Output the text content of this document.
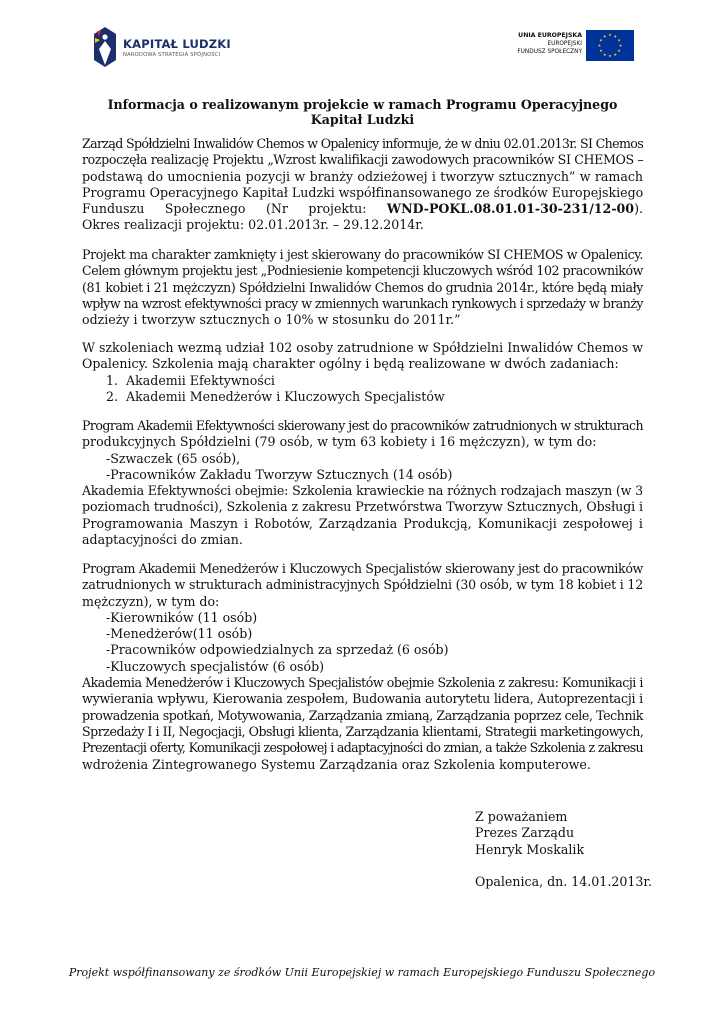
KAPITAŁ LUDZKI
NARODOWA STRATEGIA SPÓJNOŚCI
UNIA EUROPEJSKA
EUROPEJSKI
FUNDUSZ SPOŁECZNY
Informacja o realizowanym projekcie w ramach Programu Operacyjnego Kapitał Ludzki
Zarząd Spółdzielni Inwalidów Chemos w Opalenicy informuje, że w dniu 02.01.2013r. SI Chemos
rozpoczęła realizację Projektu „Wzrost kwalifikacji zawodowych pracowników SI CHEMOS –
podstawą do umocnienia pozycji w branży odzieżowej i tworzyw sztucznych” w ramach
Programu Operacyjnego Kapitał Ludzki współfinansowanego ze środków Europejskiego
Funduszu Społecznego (Nr projektu: WND-POKL.08.01.01-30-231/12-00).
Okres realizacji projektu: 02.01.2013r. – 29.12.2014r.
Projekt ma charakter zamknięty i jest skierowany do pracowników SI CHEMOS w Opalenicy.
Celem głównym projektu jest „Podniesienie kompetencji kluczowych wśród 102 pracowników
(81 kobiet i 21 mężczyzn) Spółdzielni Inwalidów Chemos do grudnia 2014r., które będą miały
wpływ na wzrost efektywności pracy w zmiennych warunkach rynkowych i sprzedaży w branży
odzieży i tworzyw sztucznych o 10% w stosunku do 2011r.”
W szkoleniach wezmą udział 102 osoby zatrudnione w Spółdzielni Inwalidów Chemos w
Opalenicy. Szkolenia mają charakter ogólny i będą realizowane w dwóch zadaniach:
1.  Akademii Efektywności
2.  Akademii Menedżerów i Kluczowych Specjalistów
Program Akademii Efektywności skierowany jest do pracowników zatrudnionych w strukturach
produkcyjnych Spółdzielni (79 osób, w tym 63 kobiety i 16 mężczyzn), w tym do:
-Szwaczek (65 osób),
-Pracowników Zakładu Tworzyw Sztucznych (14 osób)
Akademia Efektywności obejmie: Szkolenia krawieckie na różnych rodzajach maszyn (w 3
poziomach trudności), Szkolenia z zakresu Przetwórstwa Tworzyw Sztucznych, Obsługi i
Programowania Maszyn i Robotów, Zarządzania Produkcją, Komunikacji zespołowej i
adaptacyjności do zmian.
Program Akademii Menedżerów i Kluczowych Specjalistów skierowany jest do pracowników
zatrudnionych w strukturach administracyjnych Spółdzielni (30 osób, w tym 18 kobiet i 12
mężczyzn), w tym do:
-Kierowników (11 osób)
-Menedżerów(11 osób)
-Pracowników odpowiedzialnych za sprzedaż (6 osób)
-Kluczowych specjalistów (6 osób)
Akademia Menedżerów i Kluczowych Specjalistów obejmie Szkolenia z zakresu: Komunikacji i
wywierania wpływu, Kierowania zespołem, Budowania autorytetu lidera, Autoprezentacji i
prowadzenia spotkań, Motywowania, Zarządzania zmianą, Zarządzania poprzez cele, Technik
Sprzedaży I i II, Negocjacji, Obsługi klienta, Zarządzania klientami, Strategii marketingowych,
Prezentacji oferty, Komunikacji zespołowej i adaptacyjności do zmian, a także Szkolenia z zakresu
wdrożenia Zintegrowanego Systemu Zarządzania oraz Szkolenia komputerowe.
Z poważaniem
Prezes Zarządu
Henryk Moskalik
Opalenica, dn. 14.01.2013r.
Projekt współfinansowany ze środków Unii Europejskiej w ramach Europejskiego Funduszu Społecznego
